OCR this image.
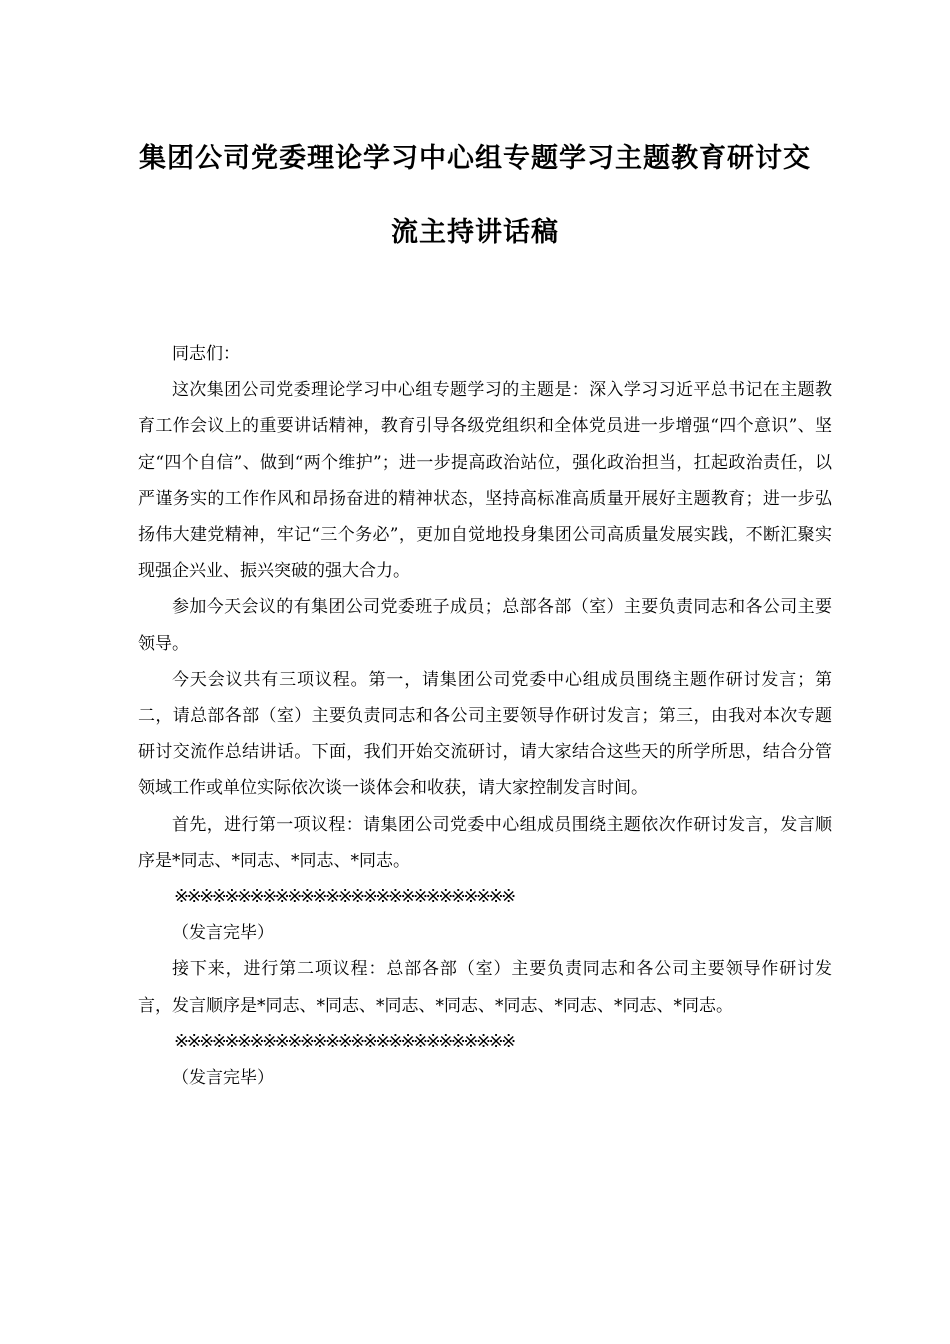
集团公司党委理论学习中心组专题学习主题教育研讨交
流主持讲话稿

同志们：

这次集团公司党委理论学习中心组专题学习的主题是：深入学习习近平总书记在主题教育工作会议上的重要讲话精神，教育引导各级党组织和全体党员进一步增强“四个意识”、坚定“四个自信”、做到“两个维护”；进一步提高政治站位，强化政治担当，扛起政治责任，以严谨务实的工作作风和昂扬奋进的精神状态，坚持高标准高质量开展好主题教育；进一步弘扬伟大建党精神，牢记“三个务必”，更加自觉地投身集团公司高质量发展实践，不断汇聚实现强企兴业、振兴突破的强大合力。

参加今天会议的有集团公司党委班子成员；总部各部（室）主要负责同志和各公司主要领导。

今天会议共有三项议程。第一，请集团公司党委中心组成员围绕主题作研讨发言；第二，请总部各部（室）主要负责同志和各公司主要领导作研讨发言；第三，由我对本次专题研讨交流作总结讲话。下面，我们开始交流研讨，请大家结合这些天的所学所思，结合分管领域工作或单位实际依次谈一谈体会和收获，请大家控制发言时间。

首先，进行第一项议程：请集团公司党委中心组成员围绕主题依次作研讨发言，发言顺序是*同志、*同志、*同志、*同志。

※※※※※※※※※※※※※※※※※※※※※※※※※※※

（发言完毕）

接下来，进行第二项议程：总部各部（室）主要负责同志和各公司主要领导作研讨发言，发言顺序是*同志、*同志、*同志、*同志、*同志、*同志、*同志、*同志。

※※※※※※※※※※※※※※※※※※※※※※※※※※※

（发言完毕）
